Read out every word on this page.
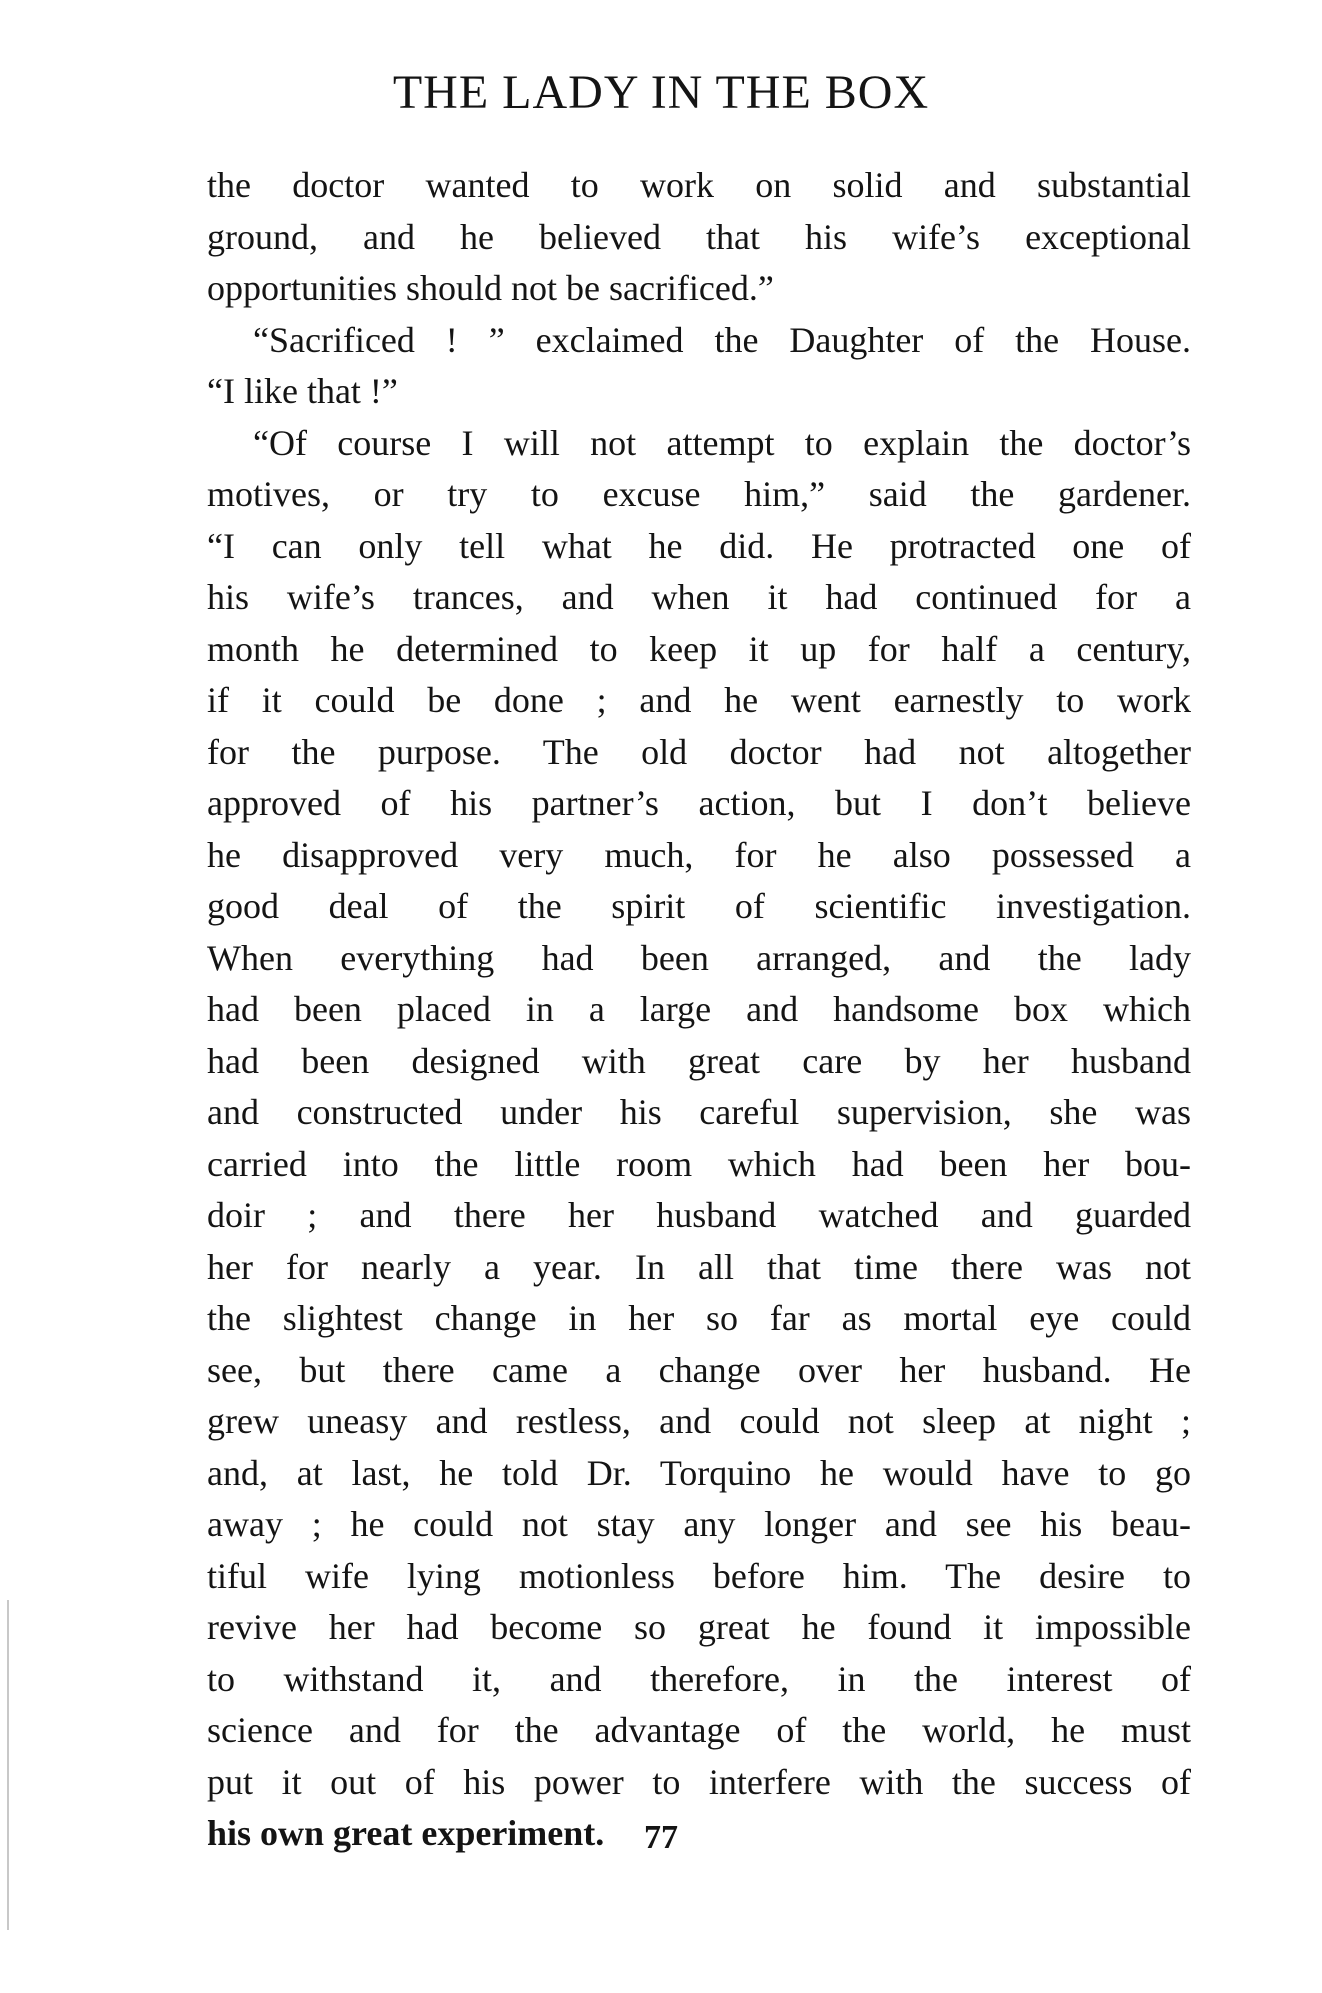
THE LADY IN THE BOX
the doctor wanted to work on solid and substantial
ground, and he believed that his wife’s exceptional
opportunities should not be sacrificed.”
“Sacrificed ! ” exclaimed the Daughter of the House.
“I like that !”
“Of course I will not attempt to explain the doctor’s
motives, or try to excuse him,” said the gardener.
“I can only tell what he did. He protracted one of
his wife’s trances, and when it had continued for a
month he determined to keep it up for half a century,
if it could be done ; and he went earnestly to work
for the purpose. The old doctor had not altogether
approved of his partner’s action, but I don’t believe
he disapproved very much, for he also possessed a
good deal of the spirit of scientific investigation.
When everything had been arranged, and the lady
had been placed in a large and handsome box which
had been designed with great care by her husband
and constructed under his careful supervision, she was
carried into the little room which had been her bou-
doir ; and there her husband watched and guarded
her for nearly a year. In all that time there was not
the slightest change in her so far as mortal eye could
see, but there came a change over her husband. He
grew uneasy and restless, and could not sleep at night ;
and, at last, he told Dr. Torquino he would have to go
away ; he could not stay any longer and see his beau-
tiful wife lying motionless before him. The desire to
revive her had become so great he found it impossible
to withstand it, and therefore, in the interest of
science and for the advantage of the world, he must
put it out of his power to interfere with the success of
his own great experiment.	77
